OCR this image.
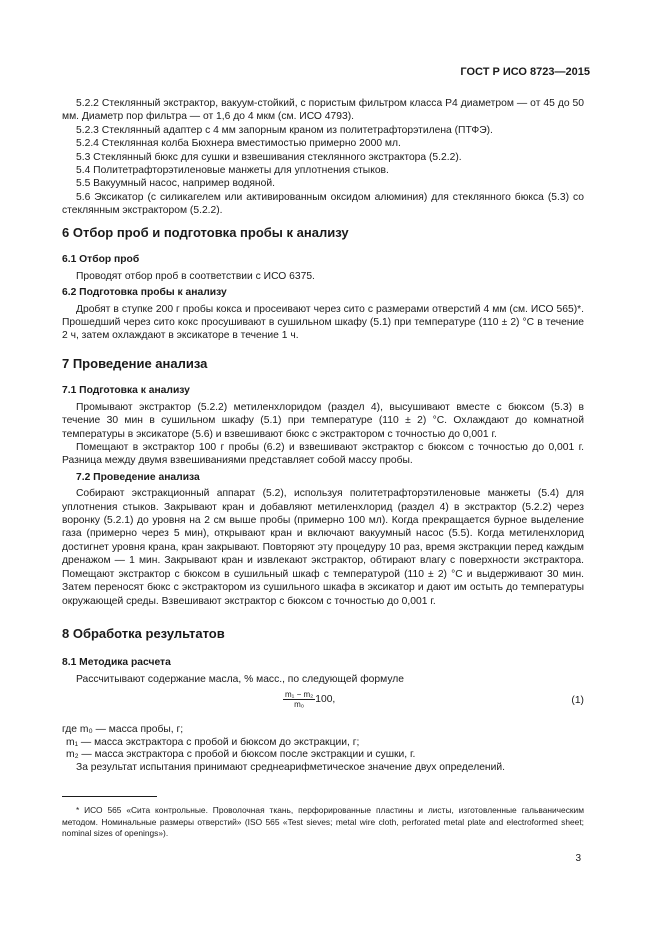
ГОСТ Р ИСО 8723—2015

5.2.2 Стеклянный экстрактор, вакуум-стойкий, с пористым фильтром класса Р4 диаметром — от 45 до 50 мм. Диаметр пор фильтра — от 1,6 до 4 мкм (см. ИСО 4793).

5.2.3 Стеклянный адаптер с 4 мм запорным краном из политетрафторэтилена (ПТФЭ).

5.2.4 Стеклянная колба Бюхнера вместимостью примерно 2000 мл.

5.3 Стеклянный бюкс для сушки и взвешивания стеклянного экстрактора (5.2.2).

5.4 Политетрафторэтиленовые манжеты для уплотнения стыков.

5.5 Вакуумный насос, например водяной.

5.6 Эксикатор (с силикагелем или активированным оксидом алюминия) для стеклянного бюкса (5.3) со стеклянным экстрактором (5.2.2).

6 Отбор проб и подготовка пробы к анализу
6.1 Отбор проб

Проводят отбор проб в соответствии с ИСО 6375.

6.2 Подготовка пробы к анализу

Дробят в ступке 200 г пробы кокса и просеивают через сито с размерами отверстий 4 мм (см. ИСО 565)*. Прошедший через сито кокс просушивают в сушильном шкафу (5.1) при температуре (110 ± 2) °С в течение 2 ч, затем охлаждают в эксикаторе в течение 1 ч.

7 Проведение анализа
7.1 Подготовка к анализу

Промывают экстрактор (5.2.2) метиленхлоридом (раздел 4), высушивают вместе с бюксом (5.3) в течение 30 мин в сушильном шкафу (5.1) при температуре (110 ± 2) °С. Охлаждают до комнатной температуры в эксикаторе (5.6) и взвешивают бюкс с экстрактором с точностью до 0,001 г.

Помещают в экстрактор 100 г пробы (6.2) и взвешивают экстрактор с бюксом с точностью до 0,001 г. Разница между двумя взвешиваниями представляет собой массу пробы.

7.2 Проведение анализа

Собирают экстракционный аппарат (5.2), используя политетрафторэтиленовые манжеты (5.4) для уплотнения стыков. Закрывают кран и добавляют метиленхлорид (раздел 4) в экстрактор (5.2.2) через воронку (5.2.1) до уровня на 2 см выше пробы (примерно 100 мл). Когда прекращается бурное выделение газа (примерно через 5 мин), открывают кран и включают вакуумный насос (5.5). Когда метиленхлорид достигнет уровня крана, кран закрывают. Повторяют эту процедуру 10 раз, время экстракции перед каждым дренажом — 1 мин. Закрывают кран и извлекают экстрактор, обтирают влагу с поверхности экстрактора. Помещают экстрактор с бюксом в сушильный шкаф с температурой (110 ± 2) °С и выдерживают 30 мин. Затем переносят бюкс с экстрактором из сушильного шкафа в эксикатор и дают им остыть до температуры окружающей среды. Взвешивают экстрактор с бюксом с точностью до 0,001 г.

8 Обработка результатов
8.1 Методика расчета

Рассчитывают содержание масла, % масс., по следующей формуле

$\frac{\text{m₁ − m₂}}{\text{m₀}} 100$,	(1)
где m₀ — масса пробы, г;
m₁ — масса экстрактора с пробой и бюксом до экстракции, г;
m₂ — масса экстрактора с пробой и бюксом после экстракции и сушки, г.
За результат испытания принимают среднеарифметическое значение двух определений.
* ИСО 565 «Сита контрольные. Проволочная ткань, перфорированные пластины и листы, изготовленные гальваническим методом. Номинальные размеры отверстий» (ISO 565 «Test sieves; metal wire cloth, perforated metal plate and electroformed sheet; nominal sizes of openings»).
3
